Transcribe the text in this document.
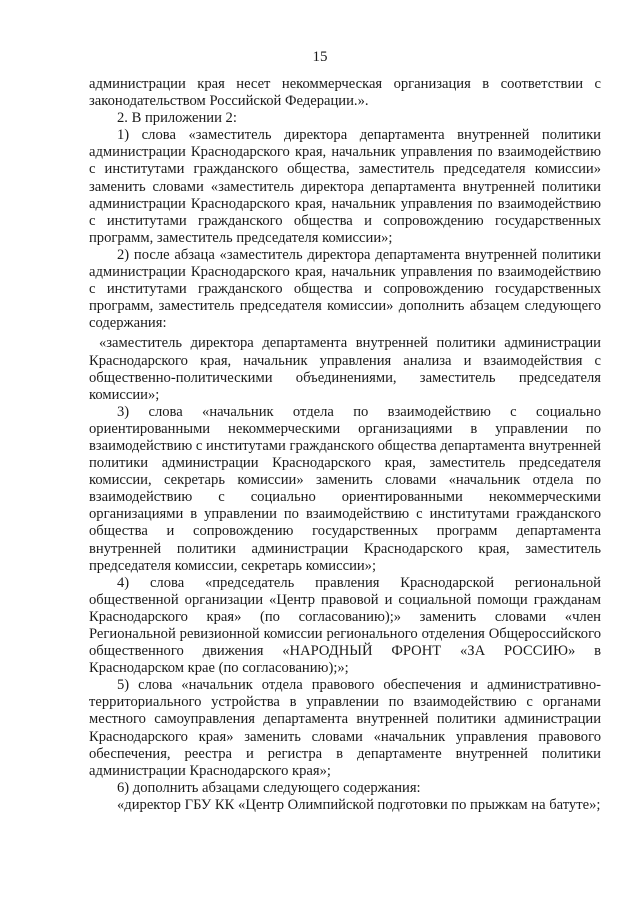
15

администрации края несет некоммерческая организация в соответствии с законодательством Российской Федерации.».

2. В приложении 2:

1) слова «заместитель директора департамента внутренней политики администрации Краснодарского края, начальник управления по взаимодействию с институтами гражданского общества, заместитель председателя комиссии» заменить словами «заместитель директора департамента внутренней политики администрации Краснодарского края, начальник управления по взаимодействию с институтами гражданского общества и сопровождению государственных программ, заместитель председателя комиссии»;

2) после абзаца «заместитель директора департамента внутренней политики администрации Краснодарского края, начальник управления по взаимодействию с институтами гражданского общества и сопровождению государственных программ, заместитель председателя комиссии» дополнить абзацем следующего содержания:

«заместитель директора департамента внутренней политики администрации Краснодарского края, начальник управления анализа и взаимодействия с общественно-политическими объединениями, заместитель председателя комиссии»;

3) слова «начальник отдела по взаимодействию с социально ориентированными некоммерческими организациями в управлении по взаимодействию с институтами гражданского общества департамента внутренней политики администрации Краснодарского края, заместитель председателя комиссии, секретарь комиссии» заменить словами «начальник отдела по взаимодействию с социально ориентированными некоммерческими организациями в управлении по взаимодействию с институтами гражданского общества и сопровождению государственных программ департамента внутренней политики администрации Краснодарского края, заместитель председателя комиссии, секретарь комиссии»;

4) слова «председатель правления Краснодарской региональной общественной организации «Центр правовой и социальной помощи гражданам Краснодарского края» (по согласованию);» заменить словами «член Региональной ревизионной комиссии регионального отделения Общероссийского общественного движения «НАРОДНЫЙ ФРОНТ «ЗА РОССИЮ» в Краснодарском крае (по согласованию);»;

5) слова «начальник отдела правового обеспечения и административно-территориального устройства в управлении по взаимодействию с органами местного самоуправления департамента внутренней политики администрации Краснодарского края» заменить словами «начальник управления правового обеспечения, реестра и регистра в департаменте внутренней политики администрации Краснодарского края»;

6) дополнить абзацами следующего содержания:

«директор ГБУ КК «Центр Олимпийской подготовки по прыжкам на батуте»;
